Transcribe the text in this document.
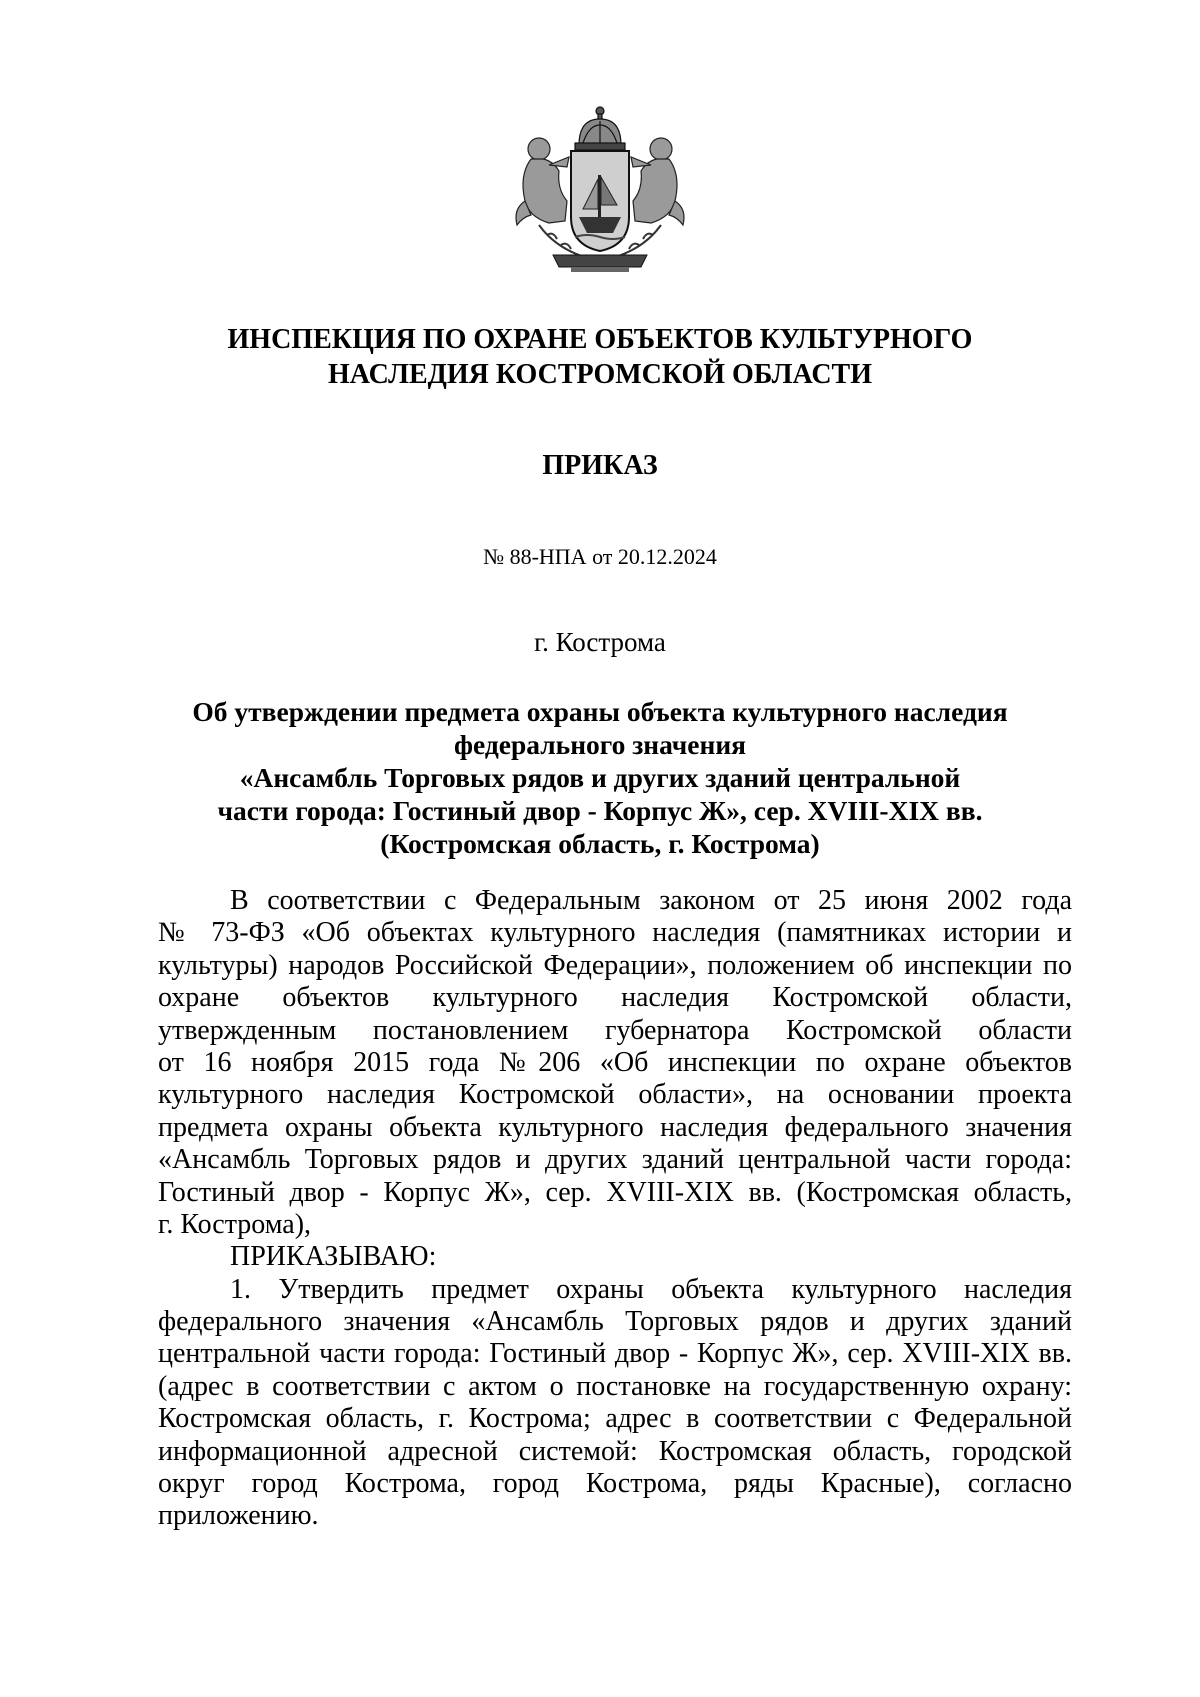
ИНСПЕКЦИЯ ПО ОХРАНЕ ОБЪЕКТОВ КУЛЬТУРНОГО
НАСЛЕДИЯ КОСТРОМСКОЙ ОБЛАСТИ
ПРИКАЗ
№ 88-НПА от 20.12.2024
г. Кострома
Об утверждении предмета охраны объекта культурного наследия
федерального значения
«Ансамбль Торговых рядов и других зданий центральной
части города: Гостиный двор - Корпус Ж», сер. XVIII-XIX вв.
(Костромская область, г. Кострома)
В соответствии с Федеральным законом от 25 июня 2002 года
№ 73-ФЗ «Об объектах культурного наследия (памятниках истории и
культуры) народов Российской Федерации», положением об инспекции по
охране объектов культурного наследия Костромской области,
утвержденным постановлением губернатора Костромской области
от 16 ноября 2015 года №206 «Об инспекции по охране объектов
культурного наследия Костромской области», на основании проекта
предмета охраны объекта культурного наследия федерального значения
«Ансамбль Торговых рядов и других зданий центральной части города:
Гостиный двор - Корпус Ж», сер. XVIII-XIX вв. (Костромская область,
г. Кострома),
ПРИКАЗЫВАЮ:
1. Утвердить предмет охраны объекта культурного наследия
федерального значения «Ансамбль Торговых рядов и других зданий
центральной части города: Гостиный двор - Корпус Ж», сер. XVIII-XIX вв.
(адрес в соответствии с актом о постановке на государственную охрану:
Костромская область, г. Кострома; адрес в соответствии с Федеральной
информационной адресной системой: Костромская область, городской
округ город Кострома, город Кострома, ряды Красные), согласно
приложению.
